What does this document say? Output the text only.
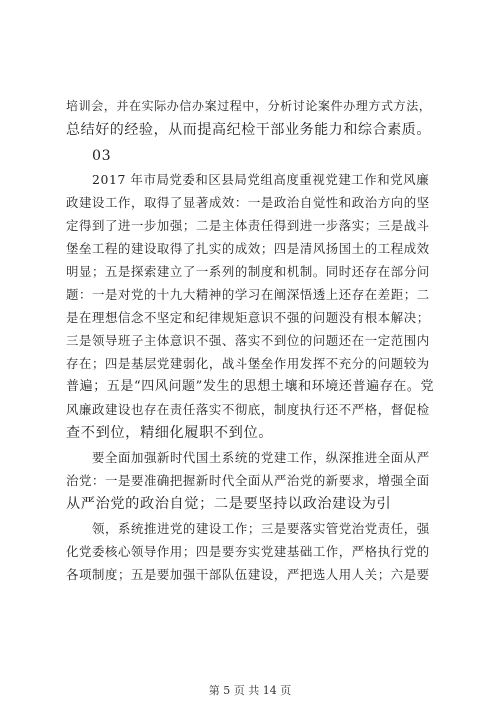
培训会，并在实际办信办案过程中，分析讨论案件办理方式方法，
总结好的经验，从而提高纪检干部业务能力和综合素质。
03
2017 年市局党委和区县局党组高度重视党建工作和党风廉
政建设工作，取得了显著成效：一是政治自觉性和政治方向的坚
定得到了进一步加强；二是主体责任得到进一步落实；三是战斗
堡垒工程的建设取得了扎实的成效；四是清风扬国土的工程成效
明显；五是探索建立了一系列的制度和机制。同时还存在部分问
题：一是对党的十九大精神的学习在阐深悟透上还存在差距；二
是在理想信念不坚定和纪律规矩意识不强的问题没有根本解决；
三是领导班子主体意识不强、落实不到位的问题还在一定范围内
存在；四是基层党建弱化，战斗堡垒作用发挥不充分的问题较为
普遍；五是“四风问题”发生的思想土壤和环境还普遍存在。党
风廉政建设也存在责任落实不彻底，制度执行还不严格，督促检
查不到位，精细化履职不到位。
要全面加强新时代国土系统的党建工作，纵深推进全面从严
治党：一是要准确把握新时代全面从严治党的新要求，增强全面
从严治党的政治自觉；二是要坚持以政治建设为引
领，系统推进党的建设工作；三是要落实管党治党责任，强
化党委核心领导作用；四是要夯实党建基础工作，严格执行党的
各项制度；五是要加强干部队伍建设，严把选人用人关；六是要
第 5 页 共 14 页
